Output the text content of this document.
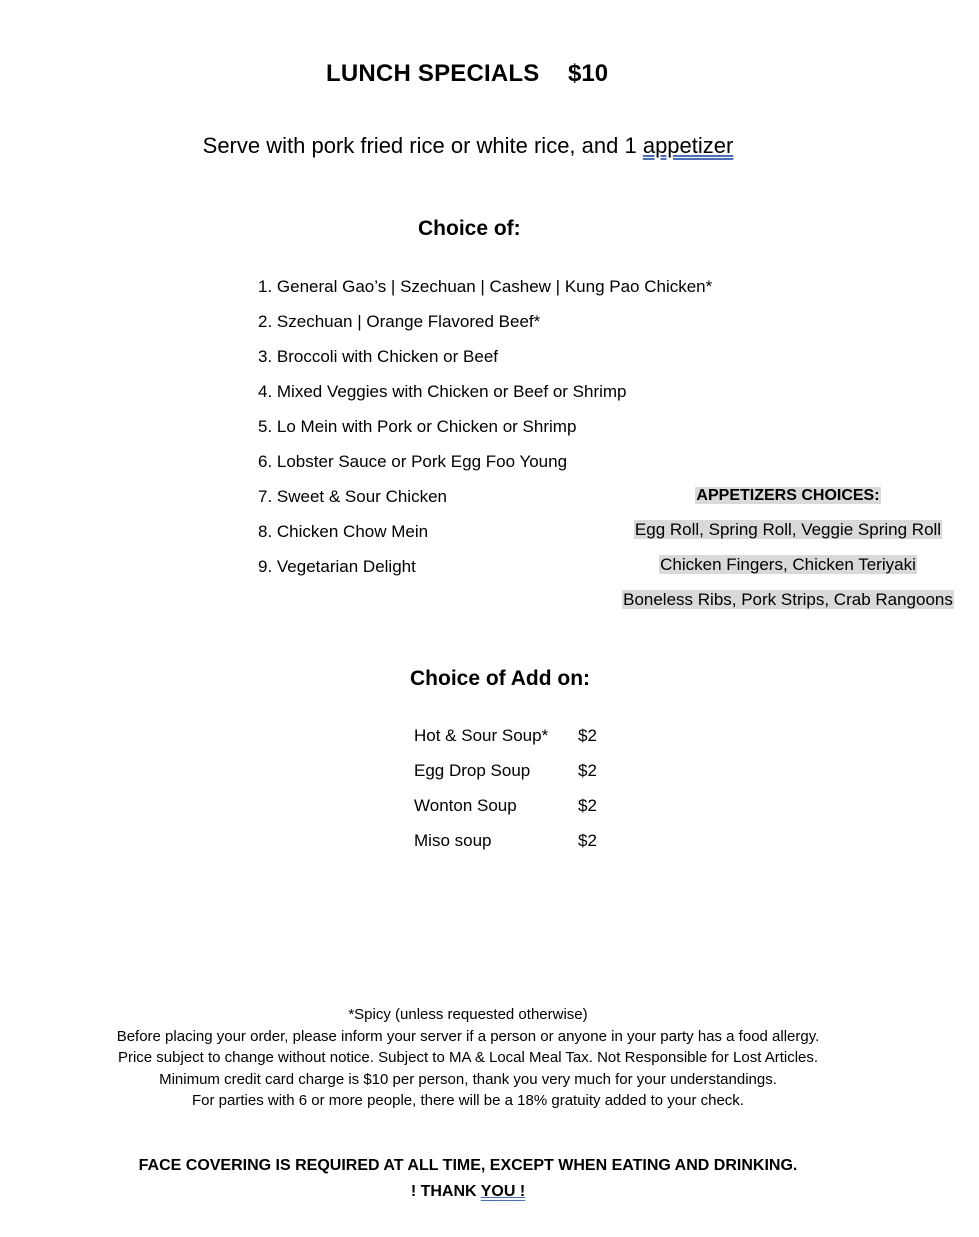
LUNCH SPECIALS $10
Serve with pork fried rice or white rice, and 1 appetizer
Choice of:
1. General Gao’s | Szechuan | Cashew | Kung Pao Chicken*
2. Szechuan | Orange Flavored Beef*
3. Broccoli with Chicken or Beef
4. Mixed Veggies with Chicken or Beef or Shrimp
5. Lo Mein with Pork or Chicken or Shrimp
6. Lobster Sauce or Pork Egg Foo Young
7. Sweet & Sour Chicken
8. Chicken Chow Mein
9. Vegetarian Delight
APPETIZERS CHOICES:
Egg Roll, Spring Roll, Veggie Spring Roll
Chicken Fingers, Chicken Teriyaki
Boneless Ribs, Pork Strips, Crab Rangoons
Choice of Add on:
Hot & Sour Soup*	$2
Egg Drop Soup	$2
Wonton Soup	$2
Miso soup	$2
*Spicy (unless requested otherwise)
Before placing your order, please inform your server if a person or anyone in your party has a food allergy.
Price subject to change without notice. Subject to MA & Local Meal Tax. Not Responsible for Lost Articles.
Minimum credit card charge is $10 per person, thank you very much for your understandings.
For parties with 6 or more people, there will be a 18% gratuity added to your check.
FACE COVERING IS REQUIRED AT ALL TIME, EXCEPT WHEN EATING AND DRINKING.
! THANK YOU !
